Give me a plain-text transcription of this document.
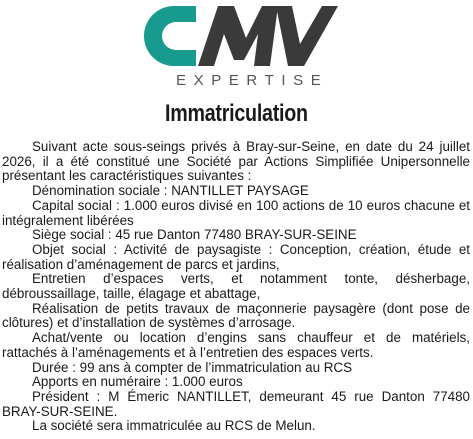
EXPERTISE
Immatriculation

Suivant acte sous-seings privés à Bray-sur-Seine, en date du 24 juillet 2026, il a été constitué une Société par Actions Simplifiée Unipersonnelle présentant les caractéristiques suivantes :

Dénomination sociale : NANTILLET PAYSAGE

Capital social : 1.000 euros divisé en 100 actions de 10 euros chacune et intégralement libérées

Siège social : 45 rue Danton 77480 BRAY-SUR-SEINE

Objet social : Activité de paysagiste : Conception, création, étude et réalisation d’aménagement de parcs et jardins,

Entretien d’espaces verts, et notamment tonte, désherbage, débroussaillage, taille, élagage et abattage,

Réalisation de petits travaux de maçonnerie paysagère (dont pose de clôtures) et d’installation de systèmes d’arrosage.

Achat/vente ou location d’engins sans chauffeur et de matériels, rattachés à l’aménagements et à l’entretien des espaces verts.

Durée : 99 ans à compter de l’immatriculation au RCS

Apports en numéraire : 1.000 euros

Président : M Émeric NANTILLET, demeurant 45 rue Danton 77480 BRAY-SUR-SEINE.

La société sera immatriculée au RCS de Melun.
